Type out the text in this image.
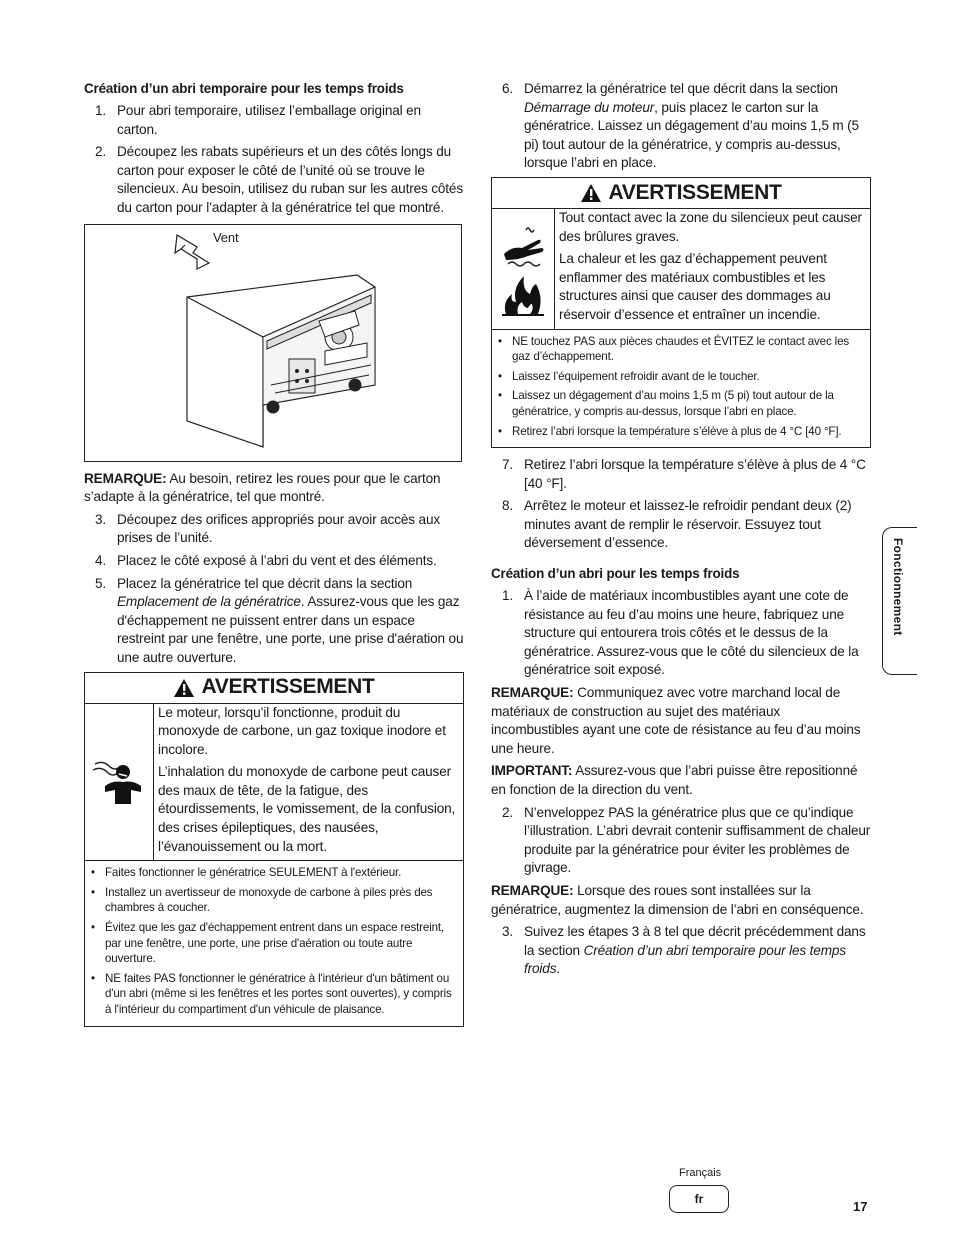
Création d’un abri temporaire pour les temps froids

1. Pour abri temporaire, utilisez l’emballage original en carton.
2. Découpez les rabats supérieurs et un des côtés longs du carton pour exposer le côté de l’unité où se trouve le silencieux. Au besoin, utilisez du ruban sur les autres côtés du carton pour l’adapter à la génératrice tel que montré.
Vent

REMARQUE: Au besoin, retirez les roues pour que le carton s’adapte à la génératrice, tel que montré.

3. Découpez des orifices appropriés pour avoir accès aux prises de l’unité.
4. Placez le côté exposé à l’abri du vent et des éléments.
5. Placez la génératrice tel que décrit dans la section Emplacement de la génératrice. Assurez-vous que les gaz d'échappement ne puissent entrer dans un espace restreint par une fenêtre, une porte, une prise d'aération ou une autre ouverture.
AVERTISSEMENT

Le moteur, lorsqu’il fonctionne, produit du monoxyde de carbone, un gaz toxique inodore et incolore.

L’inhalation du monoxyde de carbone peut causer des maux de tête, de la fatigue, des étourdissements, le vomissement, de la confusion, des crises épileptiques, des nausées, l’évanouissement ou la mort.

• Faites fonctionner le génératrice SEULEMENT à l'extérieur.
• Installez un avertisseur de monoxyde de carbone à piles près des chambres à coucher.
• Évitez que les gaz d'échappement entrent dans un espace restreint, par une fenêtre, une porte, une prise d'aération ou toute autre ouverture.
• NE faites PAS fonctionner le génératrice à l'intérieur d'un bâtiment ou d'un abri (même si les fenêtres et les portes sont ouvertes), y compris à l'intérieur du compartiment d'un véhicule de plaisance.
6. Démarrez la génératrice tel que décrit dans la section Démarrage du moteur, puis placez le carton sur la génératrice. Laissez un dégagement d’au moins 1,5 m (5 pi) tout autour de la génératrice, y compris au-dessus, lorsque l’abri en place.
AVERTISSEMENT

Tout contact avec la zone du silencieux peut causer des brûlures graves.

La chaleur et les gaz d’échappement peuvent enflammer des matériaux combustibles et les structures ainsi que causer des dommages au réservoir d’essence et entraîner un incendie.

• NE touchez PAS aux pièces chaudes et ÉVITEZ le contact avec les gaz d’échappement.
• Laissez l’équipement refroidir avant de le toucher.
• Laissez un dégagement d’au moins 1,5 m (5 pi) tout autour de la génératrice, y compris au-dessus, lorsque l’abri en place.
• Retirez l’abri lorsque la température s’élève à plus de 4 °C [40 °F].
7. Retirez l’abri lorsque la température s’élève à plus de 4 °C [40 °F].
8. Arrêtez le moteur et laissez-le refroidir pendant deux (2) minutes avant de remplir le réservoir. Essuyez tout déversement d’essence.

Création d’un abri pour les temps froids

1. À l’aide de matériaux incombustibles ayant une cote de résistance au feu d’au moins une heure, fabriquez une structure qui entourera trois côtés et le dessus de la génératrice. Assurez-vous que le côté du silencieux de la génératrice soit exposé.

REMARQUE: Communiquez avec votre marchand local de matériaux de construction au sujet des matériaux incombustibles ayant une cote de résistance au feu d’au moins une heure.

IMPORTANT: Assurez-vous que l’abri puisse être repositionné en fonction de la direction du vent.

2. N’enveloppez PAS la génératrice plus que ce qu’indique l’illustration. L’abri devrait contenir suffisamment de chaleur produite par la génératrice pour éviter les problèmes de givrage.

REMARQUE: Lorsque des roues sont installées sur la génératrice, augmentez la dimension de l’abri en conséquence.

3. Suivez les étapes 3 à 8 tel que décrit précédemment dans la section Création d’un abri temporaire pour les temps froids.
Fonctionnement
Français
fr	17
